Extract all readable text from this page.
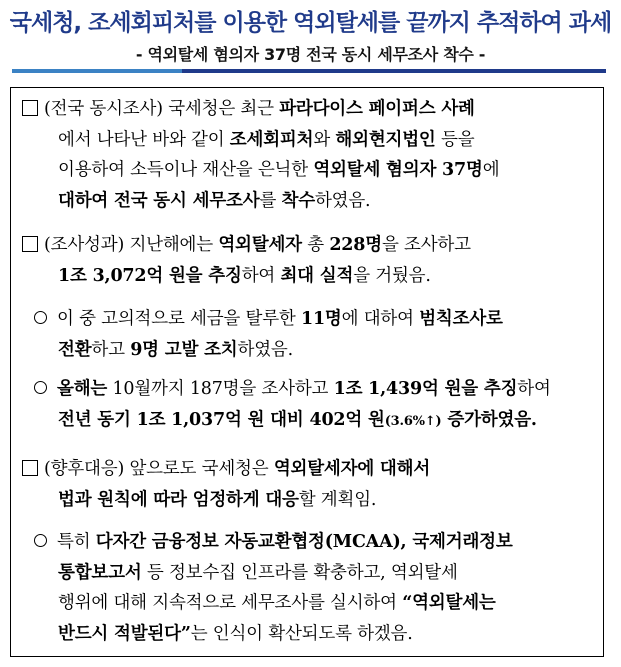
국세청, 조세회피처를 이용한 역외탈세를 끝까지 추적하여 과세
- 역외탈세 혐의자 37명 전국 동시 세무조사 착수 -
(전국 동시조사) 국세청은 최근 파라다이스 페이퍼스 사례
에서 나타난 바와 같이 조세회피처와 해외현지법인 등을
이용하여 소득이나 재산을 은닉한 역외탈세 혐의자 37명에
대하여 전국 동시 세무조사를 착수하였음.
(조사성과) 지난해에는 역외탈세자 총 228명을 조사하고
1조 3,072억 원을 추징하여 최대 실적을 거뒀음.
이 중 고의적으로 세금을 탈루한 11명에 대하여 범칙조사로
전환하고 9명 고발 조치하였음.
올해는 10월까지 187명을 조사하고 1조 1,439억 원을 추징하여
전년 동기 1조 1,037억 원 대비 402억 원(3.6%↑) 증가하였음.
(향후대응) 앞으로도 국세청은 역외탈세자에 대해서
법과 원칙에 따라 엄정하게 대응할 계획임.
특히 다자간 금융정보 자동교환협정(MCAA), 국제거래정보
통합보고서 등 정보수집 인프라를 확충하고, 역외탈세
행위에 대해 지속적으로 세무조사를 실시하여 “역외탈세는
반드시 적발된다”는 인식이 확산되도록 하겠음.
